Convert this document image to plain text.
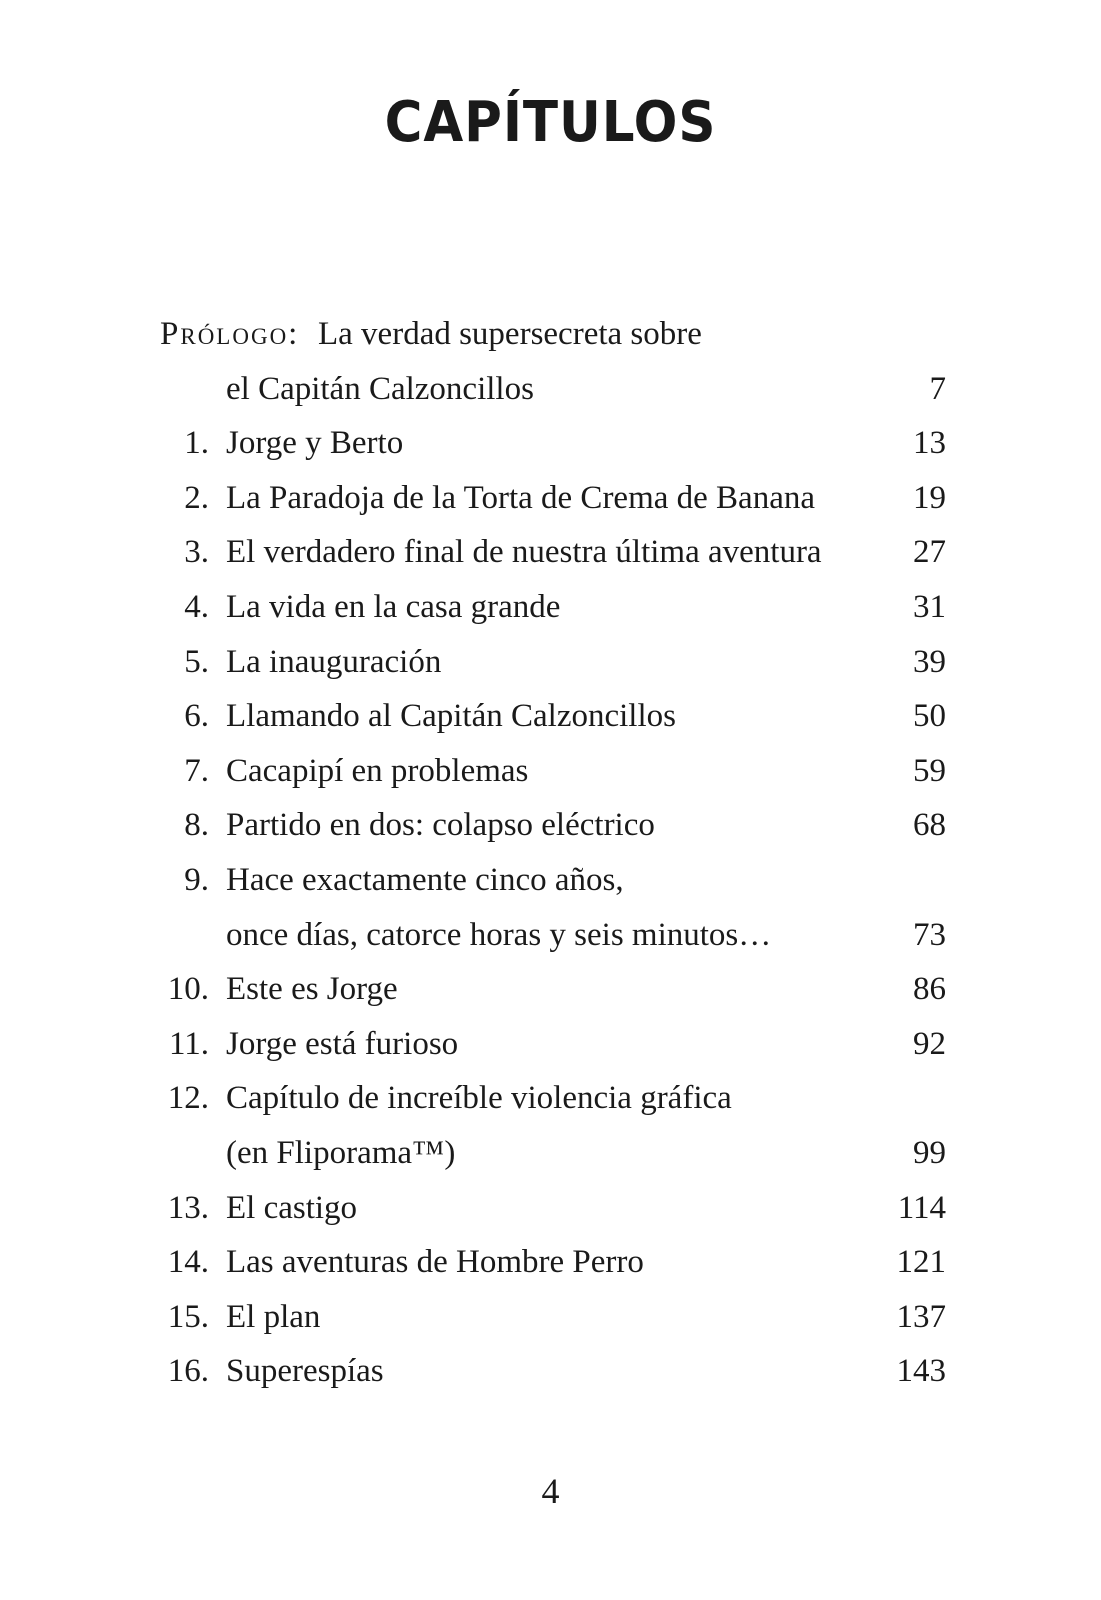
CAPÍTULOS
Prólogo: La verdad supersecreta sobre
el Capitán Calzoncillos	7
1. Jorge y Berto	13
2. La Paradoja de la Torta de Crema de Banana	19
3. El verdadero final de nuestra última aventura	27
4. La vida en la casa grande	31
5. La inauguración	39
6. Llamando al Capitán Calzoncillos	50
7. Cacapipí en problemas	59
8. Partido en dos: colapso eléctrico	68
9. Hace exactamente cinco años,
once días, catorce horas y seis minutos…	73
10. Este es Jorge	86
11. Jorge está furioso	92
12. Capítulo de increíble violencia gráfica
(en Fliporama™)	99
13. El castigo	114
14. Las aventuras de Hombre Perro	121
15. El plan	137
16. Superespías	143
4
